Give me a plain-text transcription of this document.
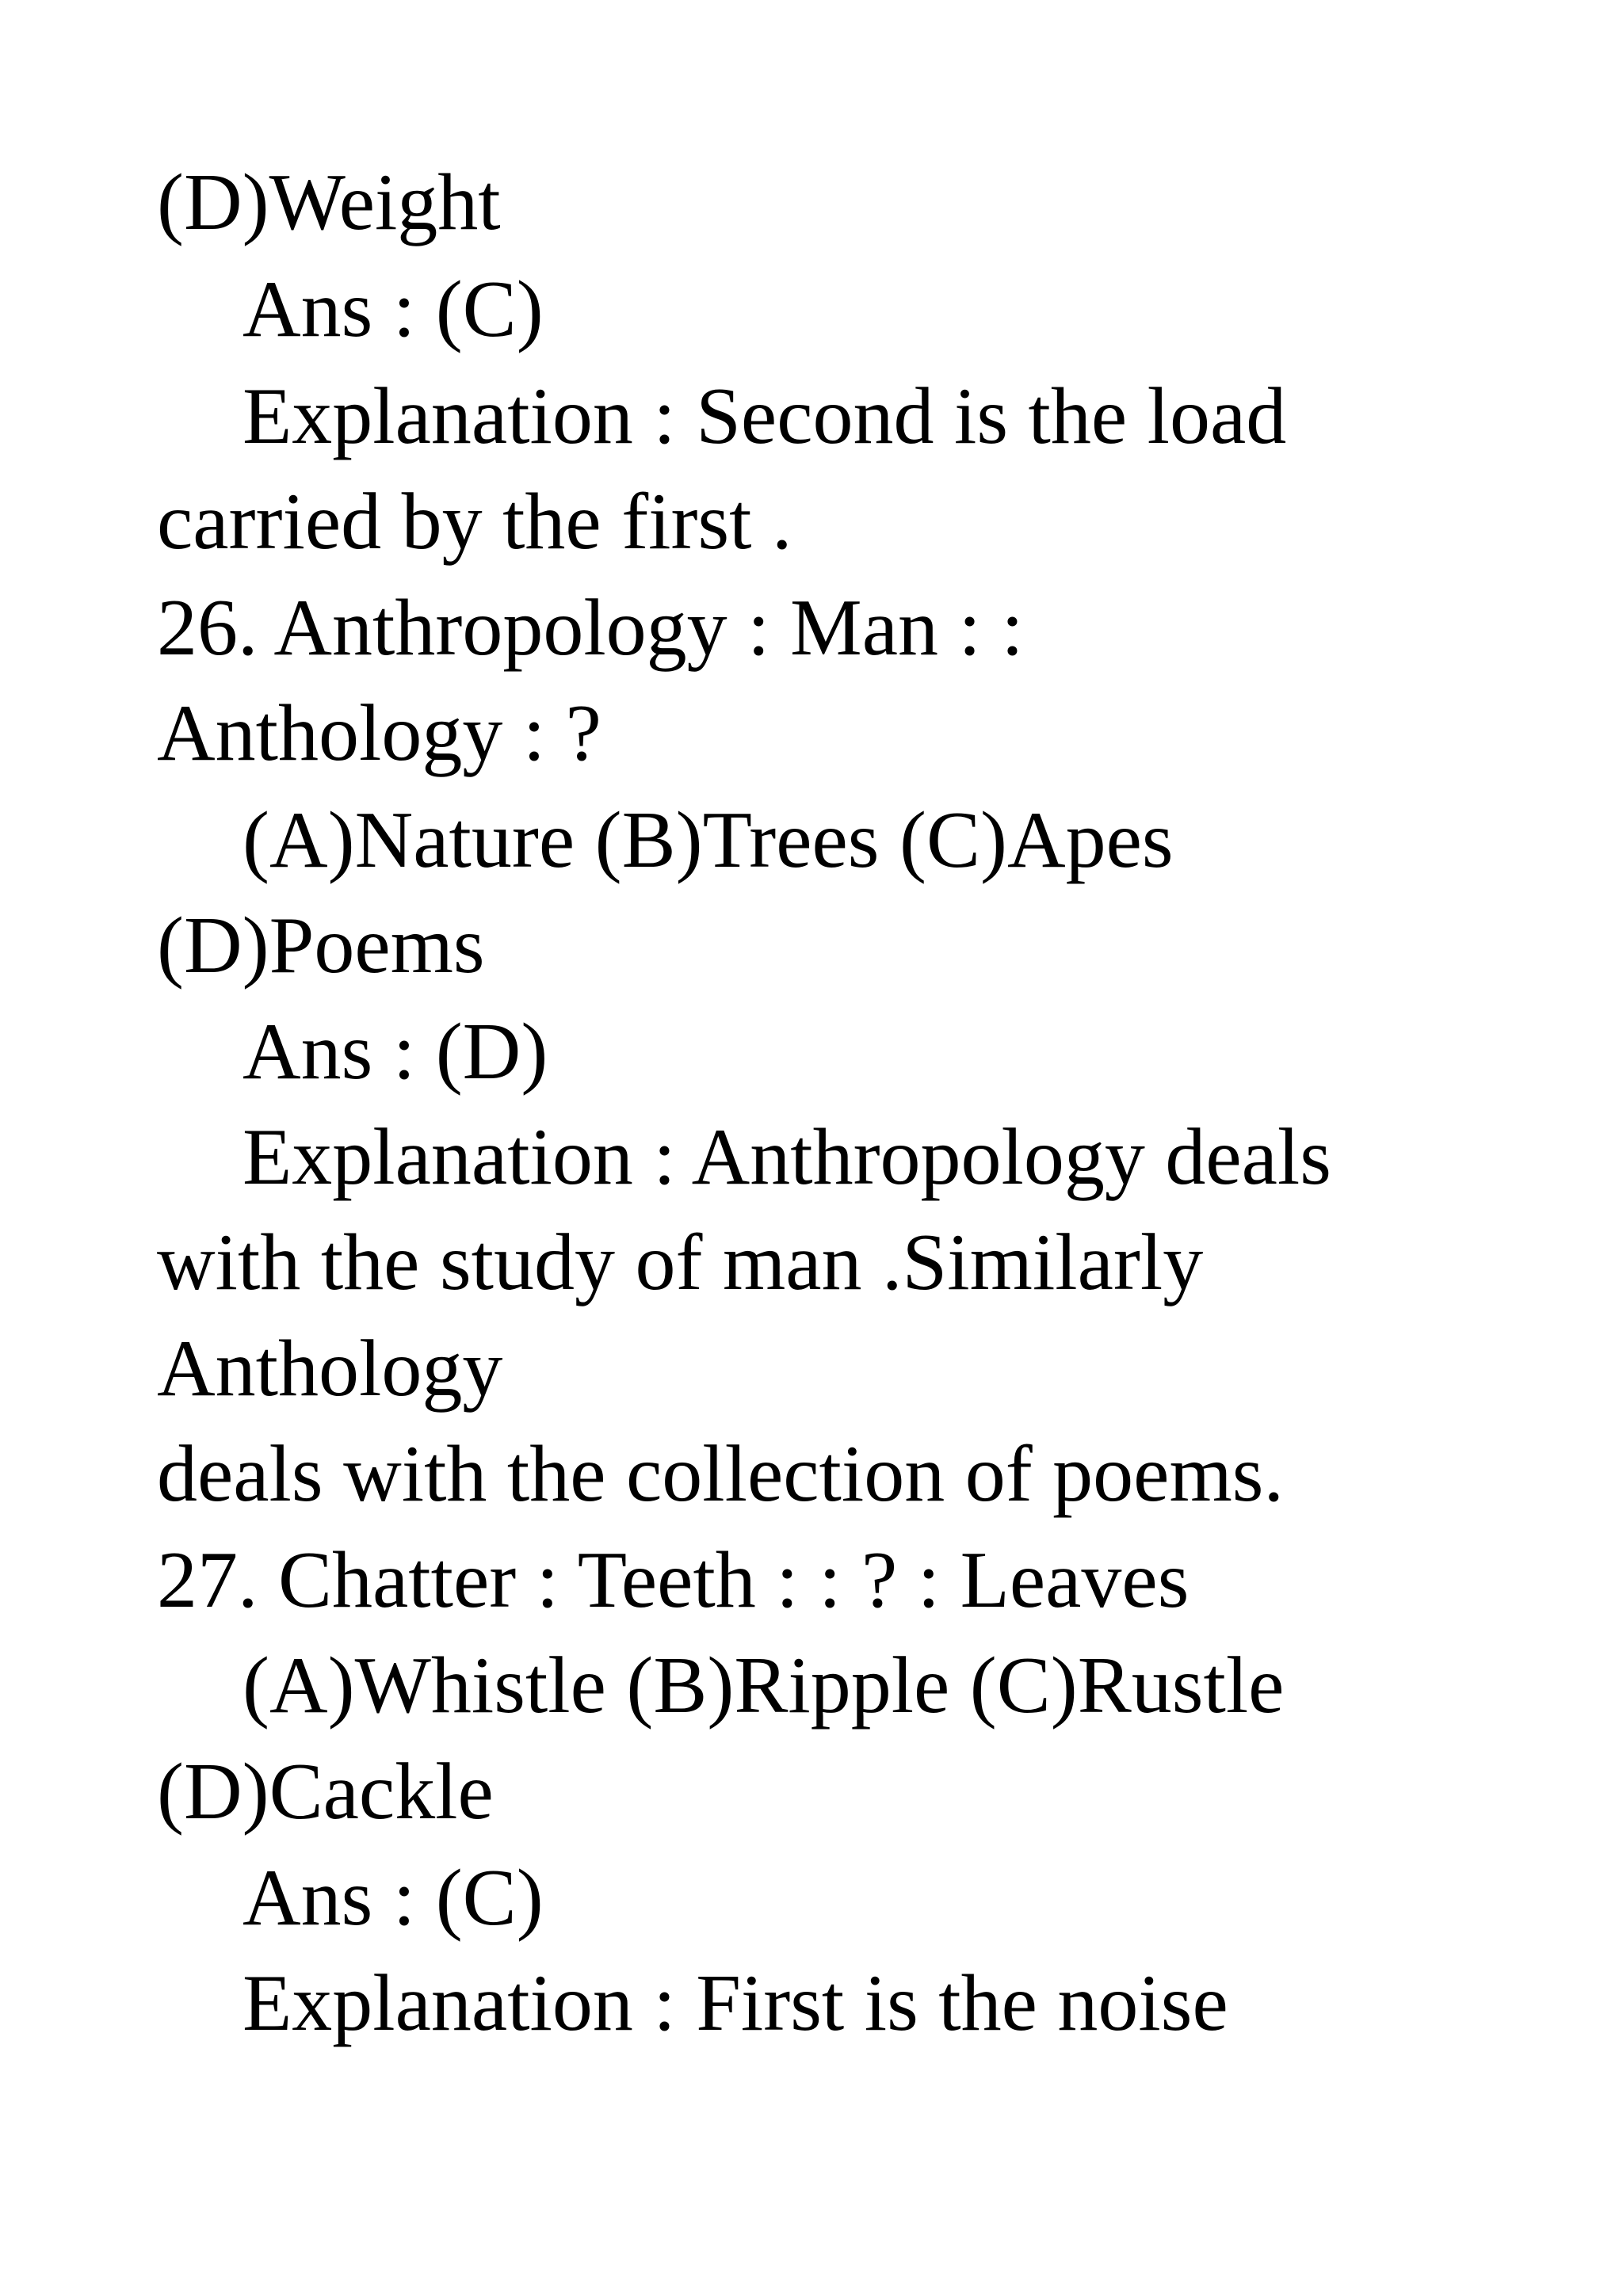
(D)Weight

Ans : (C)

Explanation : Second is the load

carried by the first .

26. Anthropology : Man : :

Anthology : ?

(A)Nature (B)Trees (C)Apes

(D)Poems

Ans : (D)

Explanation : Anthropology deals

with the study of man .Similarly

Anthology

deals with the collection of poems.

27. Chatter : Teeth : : ? : Leaves

(A)Whistle (B)Ripple (C)Rustle

(D)Cackle

Ans : (C)

Explanation : First is the noise
